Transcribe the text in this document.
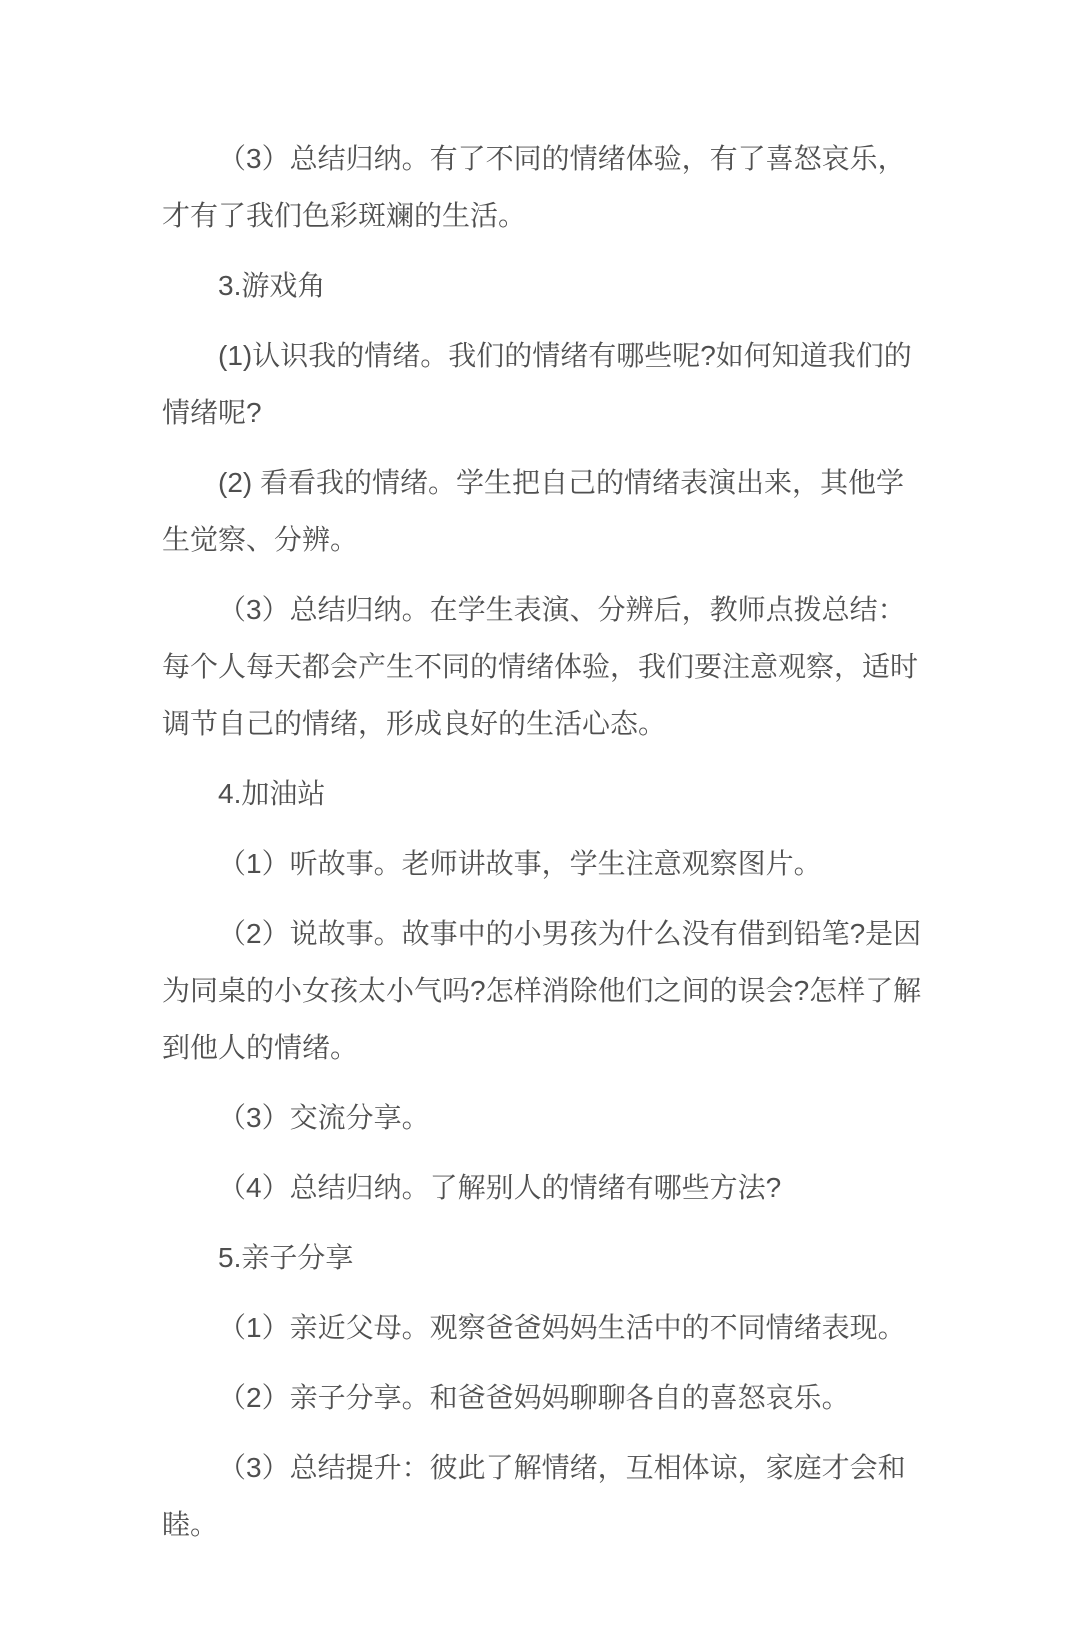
（3）总结归纳。有了不同的情绪体验，有了喜怒哀乐，才有了我们色彩斑斓的生活。

3.游戏角

(1)认识我的情绪。我们的情绪有哪些呢?如何知道我们的情绪呢?

(2) 看看我的情绪。学生把自己的情绪表演出来，其他学生觉察、分辨。

（3）总结归纳。在学生表演、分辨后，教师点拨总结：每个人每天都会产生不同的情绪体验，我们要注意观察，适时调节自己的情绪，形成良好的生活心态。

4.加油站

（1）听故事。老师讲故事，学生注意观察图片。

（2）说故事。故事中的小男孩为什么没有借到铅笔?是因为同桌的小女孩太小气吗?怎样消除他们之间的误会?怎样了解到他人的情绪。

（3）交流分享。

（4）总结归纳。了解别人的情绪有哪些方法?

5.亲子分享

（1）亲近父母。观察爸爸妈妈生活中的不同情绪表现。

（2）亲子分享。和爸爸妈妈聊聊各自的喜怒哀乐。

（3）总结提升：彼此了解情绪，互相体谅，家庭才会和睦。
